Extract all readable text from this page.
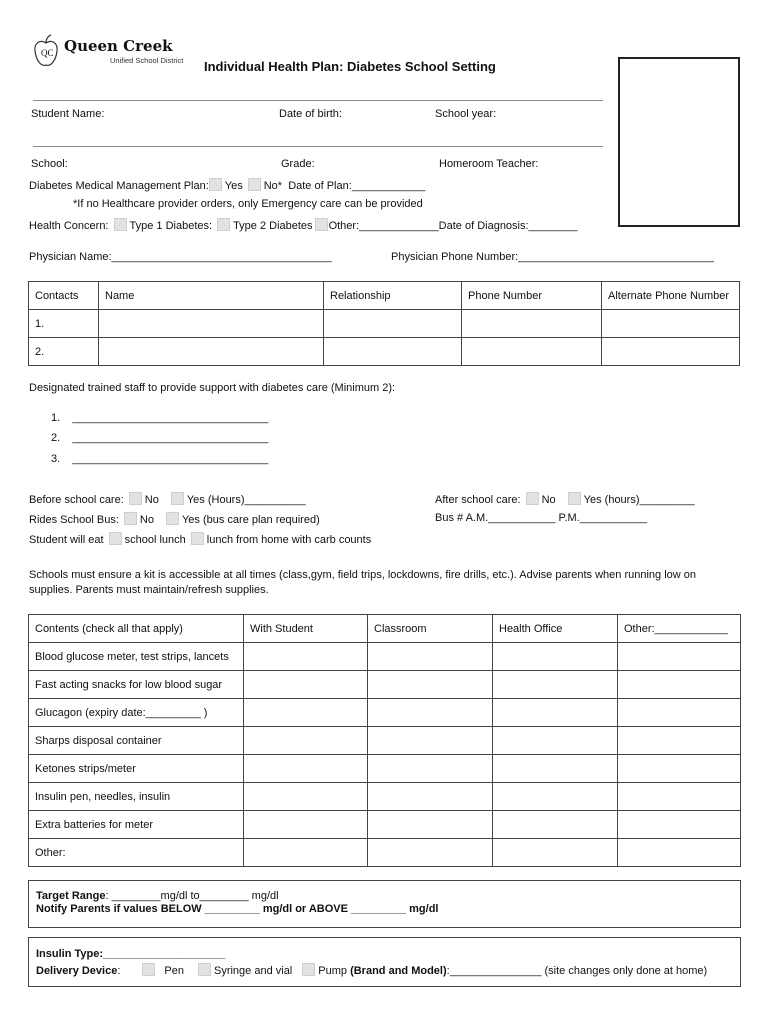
QC Queen Creek
Unified School District Individual Health Plan: Diabetes School Setting
Student Name:	Date of birth:	School year:
School:	Grade:	Homeroom Teacher:
Diabetes Medical Management Plan: Yes No* Date of Plan:____________
*If no Healthcare provider orders, only Emergency care can be provided
Health Concern: Type 1 Diabetes: Type 2 Diabetes Other:_____________Date of Diagnosis:________
Physician Name:____________________________________	Physician Phone Number:________________________________
Contacts	Name	Relationship	Phone Number	Alternate Phone Number
1.				
2.				
Designated trained staff to provide support with diabetes care (Minimum 2):
1. ________________________________
2. ________________________________
3. ________________________________
Before school care: No	Yes (Hours)__________	After school care: No	Yes (hours)_________
Rides School Bus: No	Yes (bus care plan required)	Bus # A.M.___________ P.M.___________
Student will eat school lunch lunch from home with carb counts
Schools must ensure a kit is accessible at all times (class,gym, field trips, lockdowns, fire drills, etc.). Advise parents when running low on
supplies. Parents must maintain/refresh supplies.
Contents (check all that apply)	With Student	Classroom	Health Office	Other:____________
Blood glucose meter, test strips, lancets				
Fast acting snacks for low blood sugar				
Glucagon (expiry date:_________ )				
Sharps disposal container				
Ketones strips/meter				
Insulin pen, needles, insulin				
Extra batteries for meter				
Other:				
Target Range: ________mg/dl to________ mg/dl
Notify Parents if values BELOW _________ mg/dl or ABOVE _________ mg/dl
Insulin Type:____________________
Delivery Device:	Pen	Syringe and vial Pump (Brand and Model):_______________ (site changes only done at home)
